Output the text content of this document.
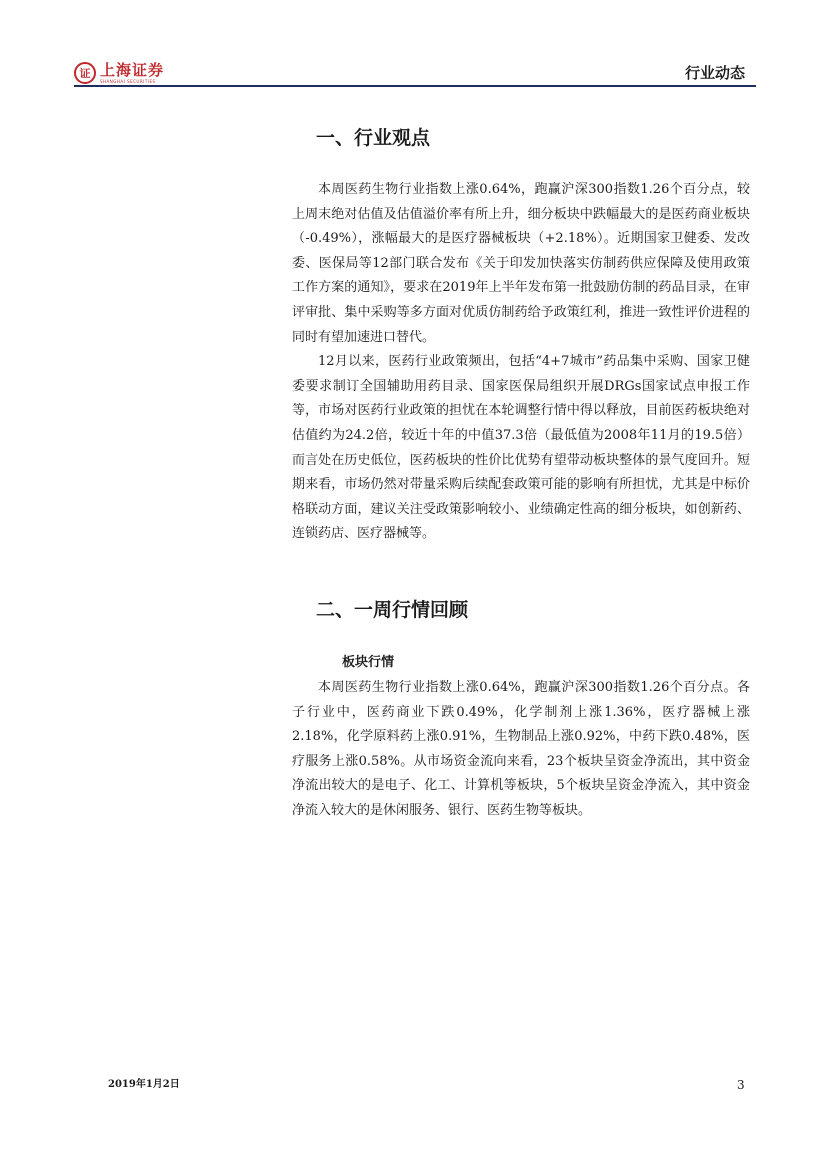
证 上海证券
SHANGHAI SECURITIES	行业动态
一、行业观点

本周医药生物行业指数上涨0.64%，跑赢沪深300指数1.26个百分点，较上周末绝对估值及估值溢价率有所上升，细分板块中跌幅最大的是医药商业板块（-0.49%），涨幅最大的是医疗器械板块（+2.18%）。近期国家卫健委、发改委、医保局等12部门联合发布《关于印发加快落实仿制药供应保障及使用政策工作方案的通知》，要求在2019年上半年发布第一批鼓励仿制的药品目录，在审评审批、集中采购等多方面对优质仿制药给予政策红利，推进一致性评价进程的同时有望加速进口替代。

12月以来，医药行业政策频出，包括“4+7城市”药品集中采购、国家卫健委要求制订全国辅助用药目录、国家医保局组织开展DRGs国家试点申报工作等，市场对医药行业政策的担忧在本轮调整行情中得以释放，目前医药板块绝对估值约为24.2倍，较近十年的中值37.3倍（最低值为2008年11月的19.5倍）而言处在历史低位，医药板块的性价比优势有望带动板块整体的景气度回升。短期来看，市场仍然对带量采购后续配套政策可能的影响有所担忧，尤其是中标价格联动方面，建议关注受政策影响较小、业绩确定性高的细分板块，如创新药、连锁药店、医疗器械等。

二、一周行情回顾
板块行情

本周医药生物行业指数上涨0.64%，跑赢沪深300指数1.26个百分点。各子行业中，医药商业下跌0.49%，化学制剂上涨1.36%，医疗器械上涨2.18%，化学原料药上涨0.91%，生物制品上涨0.92%，中药下跌0.48%，医疗服务上涨0.58%。从市场资金流向来看，23个板块呈资金净流出，其中资金净流出较大的是电子、化工、计算机等板块，5个板块呈资金净流入，其中资金净流入较大的是休闲服务、银行、医药生物等板块。

2019年1月2日	3
